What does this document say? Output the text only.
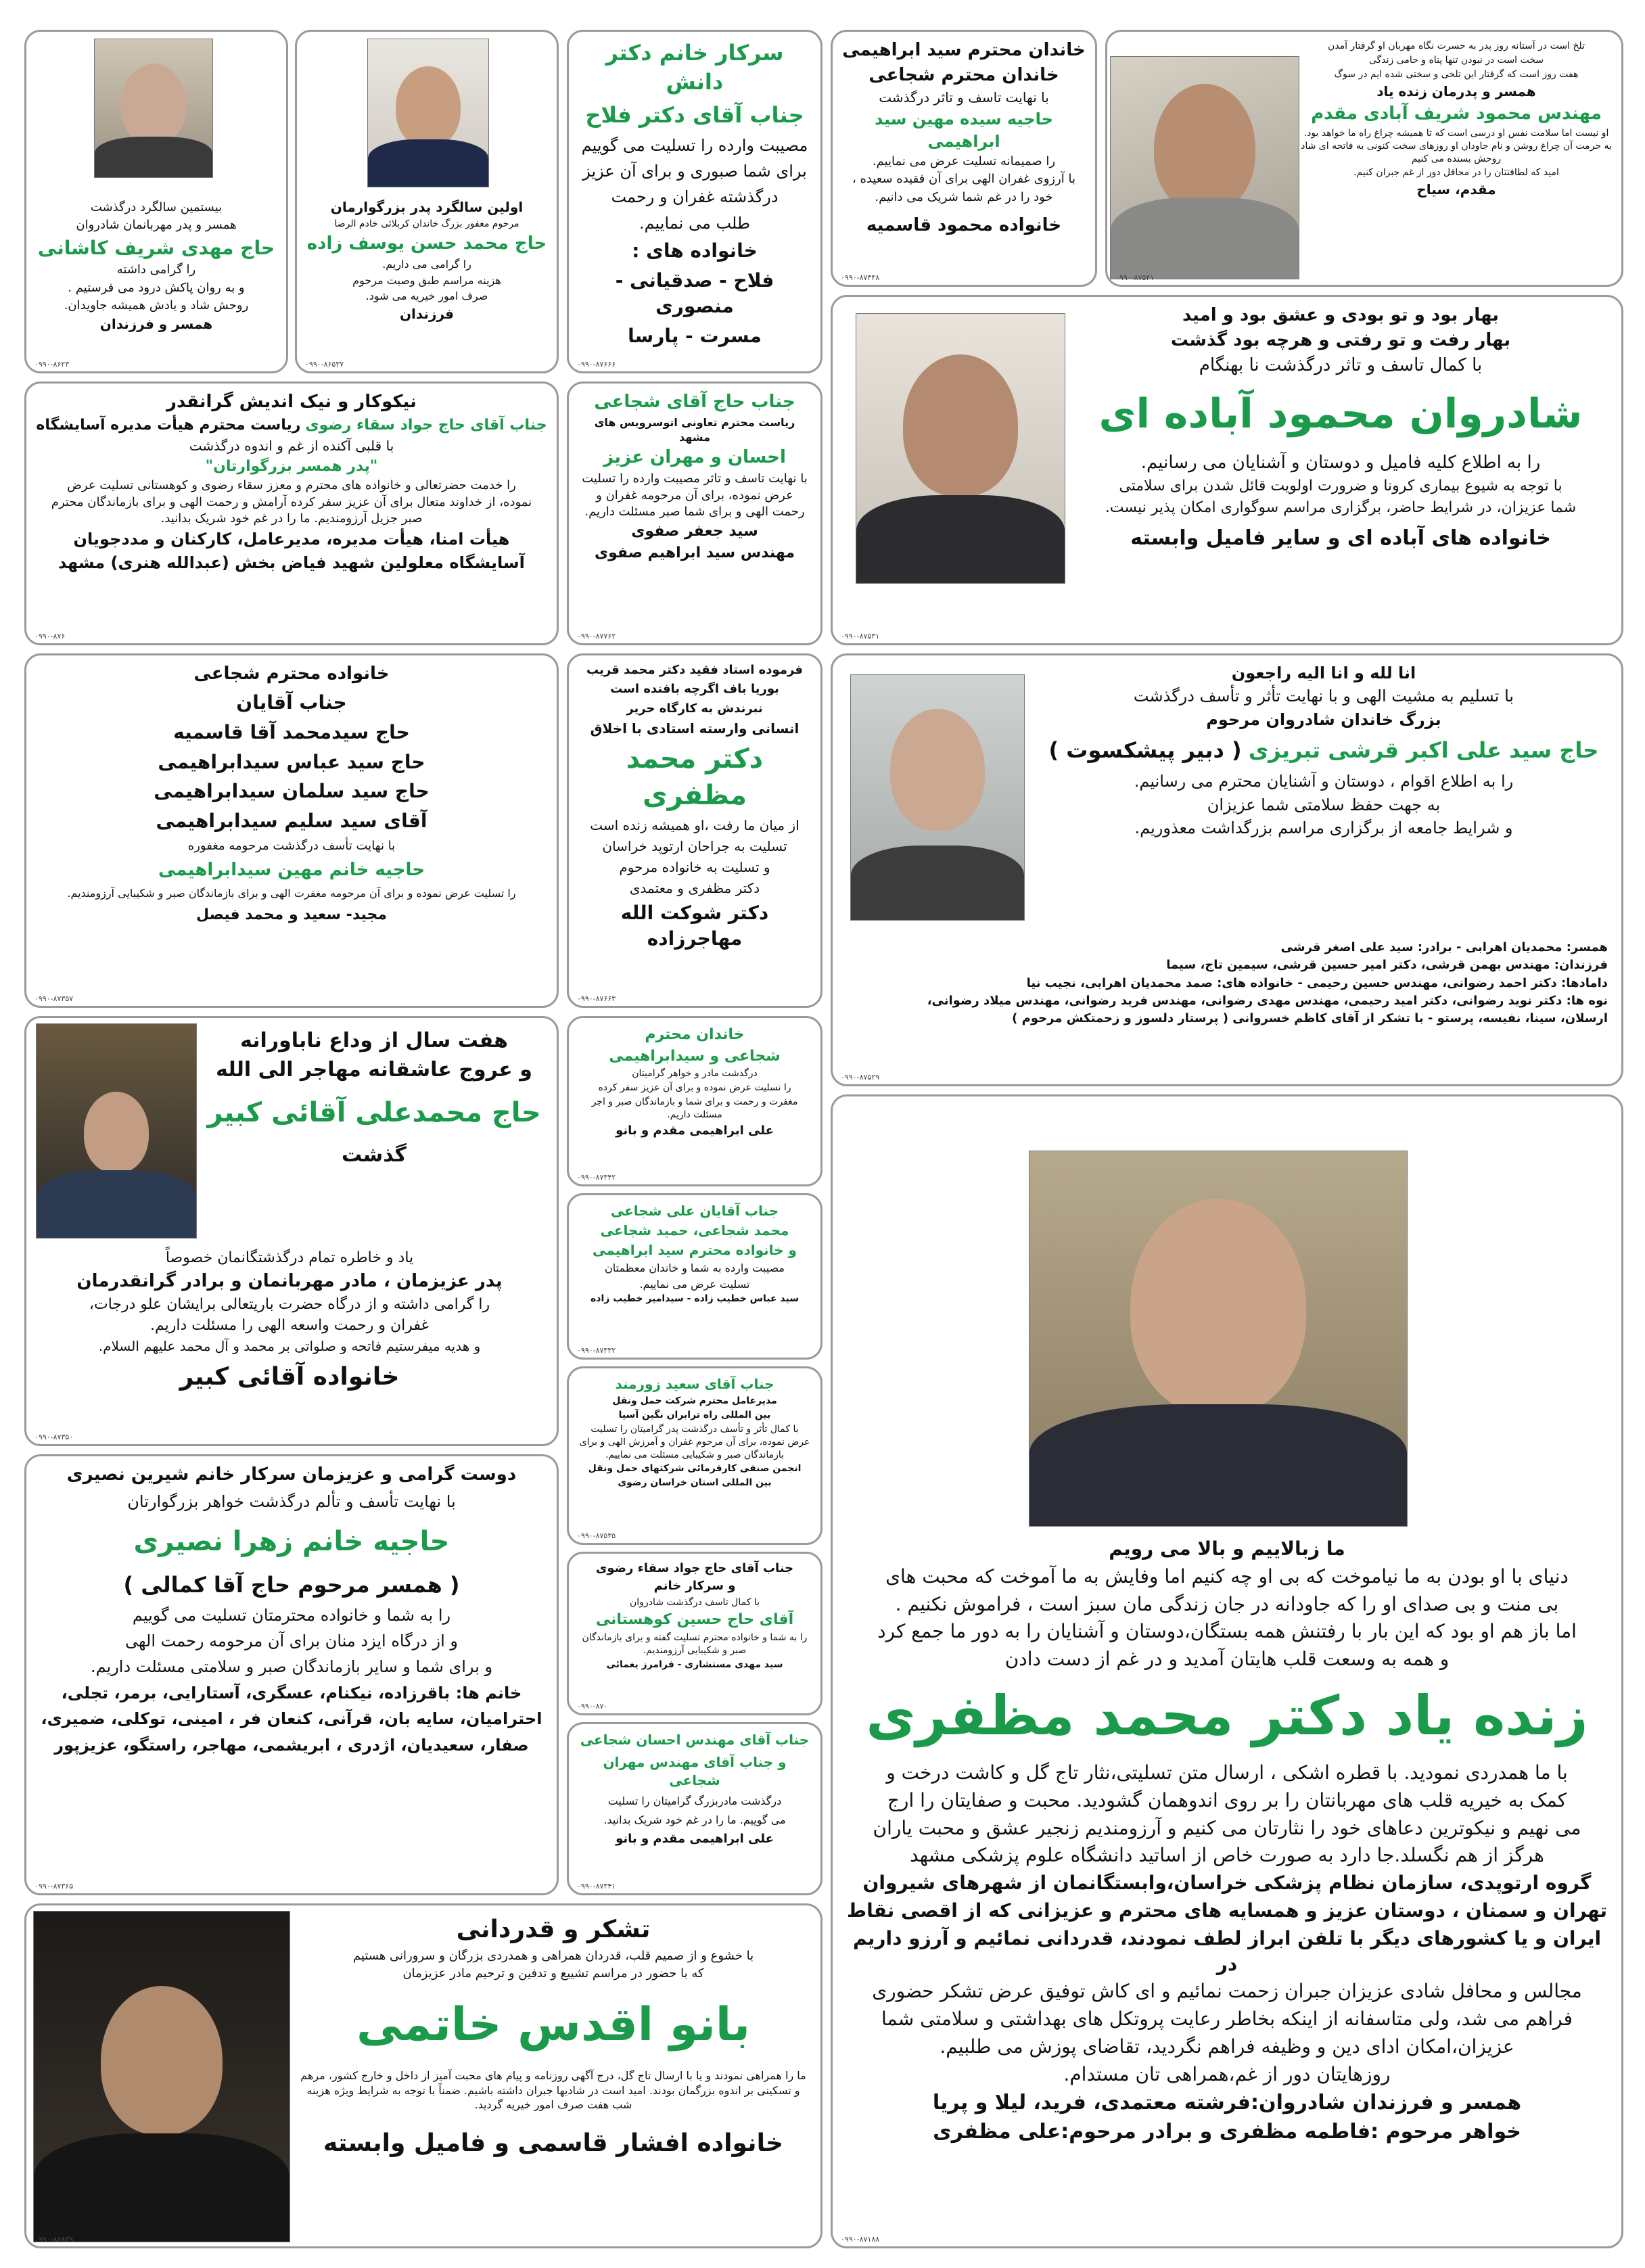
تلخ است در آستانه روز پدر به حسرت نگاه مهربان او گرفتار آمدن
سخت است در نبودن تنها پناه و حامی زندگی
هفت روز است که گرفتار این تلخی و سختی شده ایم در سوگ
همسر و پدرمان زنده یاد
مهندس محمود شریف آبادی مقدم
او نیست اما سلامت نفس او درسی است که تا همیشه چراغ راه ما خواهد بود. به حرمت آن چراغ روشن و نام جاودان او روزهای سخت کنونی به فاتحه ای شاد روحش بسنده می کنیم
امید که لطافتتان را در محافل دور از غم جبران کنیم.
مقدم، سیاح
۰۹۹۰-۸۷۵۴۱
خاندان محترم سید ابراهیمی
خاندان محترم شجاعی
با نهایت تاسف و تاثر درگذشت
حاجیه سیده مهین سید ابراهیمی
را صمیمانه تسلیت عرض می نماییم.
با آرزوی غفران الهی برای آن فقیده سعیده ،
خود را در غم شما شریک می دانیم.
خانواده محمود قاسمیه
۰۹۹۰-۸۷۳۴۸
سرکار خانم دکتر دانش
جناب آقای دکتر فلاح
مصیبت وارده را تسلیت می گوییم
برای شما صبوری و برای آن عزیز
درگذشته غفران و رحمت
طلب می نماییم.
خانواده های :
فلاح - صدقیانی - منصوری
مسرت - پارسا
۰۹۹۰-۸۷۶۶۶
اولین سالگرد پدر بزرگوارمان
مرحوم مغفور بزرگ خاندان کربلائی خادم الرضا
حاج محمد حسن یوسف زاده
را گرامی می داریم.
هزینه مراسم طبق وصیت مرحوم
صرف امور خیریه می شود.
فرزندان
۰۹۹۰-۸۶۵۳۷
بیستمین سالگرد درگذشت
همسر و پدر مهربانمان شادروان
حاج مهدی شریف کاشانی
را گرامی داشته
و به روان پاکش درود می فرستیم .
روحش شاد و یادش همیشه جاویدان.
همسر و فرزندان
۰۹۹۰-۸۶۲۳
بهار بود و تو بودی و عشق بود و امید
بهار رفت و تو رفتی و هرچه بود گذشت
با کمال تاسف و تاثر درگذشت نا بهنگام
شادروان محمود آباده ای
را به اطلاع کلیه فامیل و دوستان و آشنایان می رسانیم.
با توجه به شیوع بیماری کرونا و ضرورت اولویت قائل شدن برای سلامتی
شما عزیزان، در شرایط حاضر، برگزاری مراسم سوگواری امکان پذیر نیست.
خانواده های آباده ای و سایر فامیل وابسته
۰۹۹۰-۸۷۵۳۱
جناب حاج آقای شجاعی
ریاست محترم تعاونی اتوسرویس های مشهد
احسان و مهران عزیز
با نهایت تاسف و تاثر مصیبت وارده را تسلیت عرض نموده، برای آن مرحومه غفران و رحمت الهی و برای شما صبر مسئلت داریم.
سید جعفر صفوی
مهندس سید ابراهیم صفوی
۰۹۹۰-۸۷۷۶۲
نیکوکار و نیک اندیش گرانقدر
جناب آقای حاج جواد سقاء رضوی ریاست محترم هیأت مدیره آسایشگاه
با قلبی آکنده از غم و اندوه درگذشت
"پدر همسر بزرگوارتان"
را خدمت حضرتعالی و خانواده های محترم و معزز سقاء رضوی و کوهستانی تسلیت عرض نموده، از خداوند متعال برای آن عزیز سفر کرده آرامش و رحمت الهی و برای بازماندگان محترم صبر جزیل آرزومندیم. ما را در غم خود شریک بدانید.
هیأت امنا، هیأت مدیره، مدیرعامل، کارکنان و مددجویان
آسایشگاه معلولین شهید فیاض بخش (عبدالله هنری) مشهد
۰۹۹۰-۸۷۶
خانواده محترم شجاعی
جناب آقایان
حاج سیدمحمد آقا قاسمیه
حاج سید عباس سیدابراهیمی
حاج سید سلمان سیدابراهیمی
آقای سید سلیم سیدابراهیمی
با نهایت تأسف درگذشت مرحومه مغفوره
حاجیه خانم مهین سیدابراهیمی
را تسلیت عرض نموده و برای آن مرحومه مغفرت الهی و برای بازماندگان صبر و شکیبایی آرزومندیم.
مجید- سعید و محمد فیصل
۰۹۹۰-۸۷۳۵۷
فرموده استاد فقید دکتر محمد قریب
بوریا باف اگرچه بافنده است
نبرندش به کارگاه حریر
انسانی وارسته استادی با اخلاق
دکتر محمد مظفری
از میان ما رفت ،او همیشه زنده است
تسلیت به جراحان ارتوپد خراسان
و تسلیت به خانواده مرحوم
دکتر مظفری و معتمدی
دکتر شوکت الله مهاجرزاده
۰۹۹۰-۸۷۶۶۳
انا لله و انا الیه راجعون
با تسلیم به مشیت الهی و با نهایت تأثر و تأسف درگذشت
بزرگ خاندان شادروان مرحوم
حاج سید علی اکبر قرشی تبریزی ( دبیر پیشکسوت )
را به اطلاع اقوام ، دوستان و آشنایان محترم می رسانیم.
به جهت حفظ سلامتی شما عزیزان
و شرایط جامعه از برگزاری مراسم بزرگداشت معذوریم.
همسر: محمدیان اهرابی - برادر: سید علی اصغر قرشی
فرزندان: مهندس بهمن قرشی، دکتر امیر حسین قرشی، سیمین تاج، سیما
دامادها: دکتر احمد رضوانی، مهندس حسین رحیمی - خانواده های: صمد محمدیان اهرابی، نجیب نیا
نوه ها: دکتر نوید رضوانی، دکتر امید رحیمی، مهندس مهدی رضوانی، مهندس فرید رضوانی، مهندس میلاد رضوانی،
ارسلان، سینا، نفیسه، پرستو - با تشکر از آقای کاظم خسروانی ( پرستار دلسوز و زحمتکش مرحوم )
۰۹۹۰-۸۷۵۲۹
هفت سال از وداع ناباورانه
و عروج عاشقانه مهاجر الی الله
حاج محمدعلی آقائی کبیر
گذشت
یاد و خاطره تمام درگذشتگانمان خصوصاً
پدر عزیزمان ، مادر مهربانمان و برادر گرانقدرمان
را گرامی داشته و از درگاه حضرت باریتعالی برایشان علو درجات،
غفران و رحمت واسعه الهی را مسئلت داریم.
و هدیه میفرستیم فاتحه و صلواتی بر محمد و آل محمد علیهم السلام.
خانواده آقائی کبیر
۰۹۹۰-۸۷۳۵۰
خاندان محترم
شجاعی و سیدابراهیمی
درگذشت مادر و خواهر گرامیتان
را تسلیت عرض نموده و برای آن عزیز سفر کرده
مغفرت و رحمت و برای شما و بازماندگان صبر و اجر مسئلت داریم.
علی ابراهیمی مقدم و بانو
۰۹۹۰-۸۷۳۴۲
جناب آقایان علی شجاعی
محمد شجاعی، حمید شجاعی
و خانواده محترم سید ابراهیمی
مصیبت وارده به شما و خاندان معظمتان
تسلیت عرض می نماییم.
سید عباس خطیب زاده - سیدامیر خطیب زاده
۰۹۹۰-۸۷۳۳۲
جناب آقای سعید زورمند
مدیرعامل محترم شرکت حمل ونقل
بین المللی راه ترابران نگین آسیا
با کمال تأثر و تأسف درگذشت پدر گرامیتان را تسلیت عرض نموده، برای آن مرحوم غفران و آمرزش الهی و برای بازماندگان صبر و شکیبایی مسئلت می نماییم.
انجمن صنفی کارفرمائی شرکتهای حمل ونقل
بین المللی استان خراسان رضوی
۰۹۹۰-۸۷۵۳۵
دوست گرامی و عزیزمان سرکار خانم شیرین نصیری
با نهایت تأسف و تألم درگذشت خواهر بزرگوارتان
حاجیه خانم زهرا نصیری
( همسر مرحوم حاج آقا کمالی )
را به شما و خانواده محترمتان تسلیت می گوییم
و از درگاه ایزد منان برای آن مرحومه رحمت الهی
و برای شما و سایر بازماندگان صبر و سلامتی مسئلت داریم.
خانم ها: باقرزاده، نیکنام، عسگری، آستارایی، برمر، تجلی،
احترامیان، سایه بان، قرآنی، کنعان فر ، امینی، توکلی، ضمیری،
صفار، سعیدیان، اژدری ، ابریشمی، مهاجر، راستگو، عزیزپور
۰۹۹۰-۸۷۳۶۵
جناب آقای حاج جواد سقاء رضوی
و سرکار خانم
با کمال تاسف درگذشت شادروان
آقای حاج حسین کوهستانی
را به شما و خانواده محترم تسلیت گفته و برای بازماندگان صبر و شکیبایی آرزومندیم.
سید مهدی مستشاری - فرامرز یغمائی
۰۹۹۰-۸۷۰
جناب آقای مهندس احسان شجاعی
و جناب آقای مهندس مهران شجاعی
درگذشت مادربزرگ گرامیتان را تسلیت
می گوییم. ما را در غم خود شریک بدانید.
علی ابراهیمی مقدم و بانو
۰۹۹۰-۸۷۳۴۱
تشکر و قدردانی
با خشوع و از صمیم قلب، قدردان همراهی و همدردی بزرگان و سرورانی هستیم
که با حضور در مراسم تشییع و تدفین و ترحیم مادر عزیزمان
بانو اقدس خاتمی
ما را همراهی نمودند و یا با ارسال تاج گل، درج آگهی روزنامه و پیام های محبت آمیز از داخل و خارج کشور، مرهم و تسکینی بر اندوه بزرگمان بودند. امید است در شادیها جبران داشته باشیم. ضمناً با توجه به شرایط ویژه هزینه شب هفت صرف امور خیریه گردید.
خانواده افشار قاسمی و فامیل وابسته
۰۹۹۰-۸۶۸۳۹
ما زبالاییم و بالا می رویم
دنیای با او بودن به ما نیاموخت که بی او چه کنیم اما وفایش به ما آموخت که محبت های
بی منت و بی صدای او را که جاودانه در جان زندگی مان سبز است ، فراموش نکنیم .
اما باز هم او بود که این بار با رفتنش همه بستگان،دوستان و آشنایان را به دور ما جمع کرد
و همه به وسعت قلب هایتان آمدید و در غم از دست دادن
زنده یاد دکتر محمد مظفری
با ما همدردی نمودید. با قطره اشکی ، ارسال متن تسلیتی،نثار تاج گل و کاشت درخت و
کمک به خیریه قلب های مهربانتان را بر روی اندوهمان گشودید. محبت و صفایتان را ارج
می نهیم و نیکوترین دعاهای خود را نثارتان می کنیم و آرزومندیم زنجیر عشق و محبت یاران
هرگز از هم نگسلد.جا دارد به صورت خاص از اساتید دانشگاه علوم پزشکی مشهد
گروه ارتوپدی، سازمان نظام پزشکی خراسان،وابستگانمان از شهرهای شیروان
تهران و سمنان ، دوستان عزیز و همسایه های محترم و عزیزانی که از اقصی نقاط
ایران و یا کشورهای دیگر با تلفن ابراز لطف نمودند، قدردانی نمائیم و آرزو داریم در
مجالس و محافل شادی عزیزان جبران زحمت نمائیم و ای کاش توفیق عرض تشکر حضوری
فراهم می شد، ولی متاسفانه از اینکه بخاطر رعایت پروتکل های بهداشتی و سلامتی شما
عزیزان،امکان ادای دین و وظیفه فراهم نگردید، تقاضای پوزش می طلبیم.
روزهایتان دور از غم،همراهی تان مستدام.
همسر و فرزندان شادروان:فرشته معتمدی، فرید، لیلا و پریا
خواهر مرحوم :فاطمه مظفری و برادر مرحوم:علی مظفری
۰۹۹۰-۸۷۱۸۸
